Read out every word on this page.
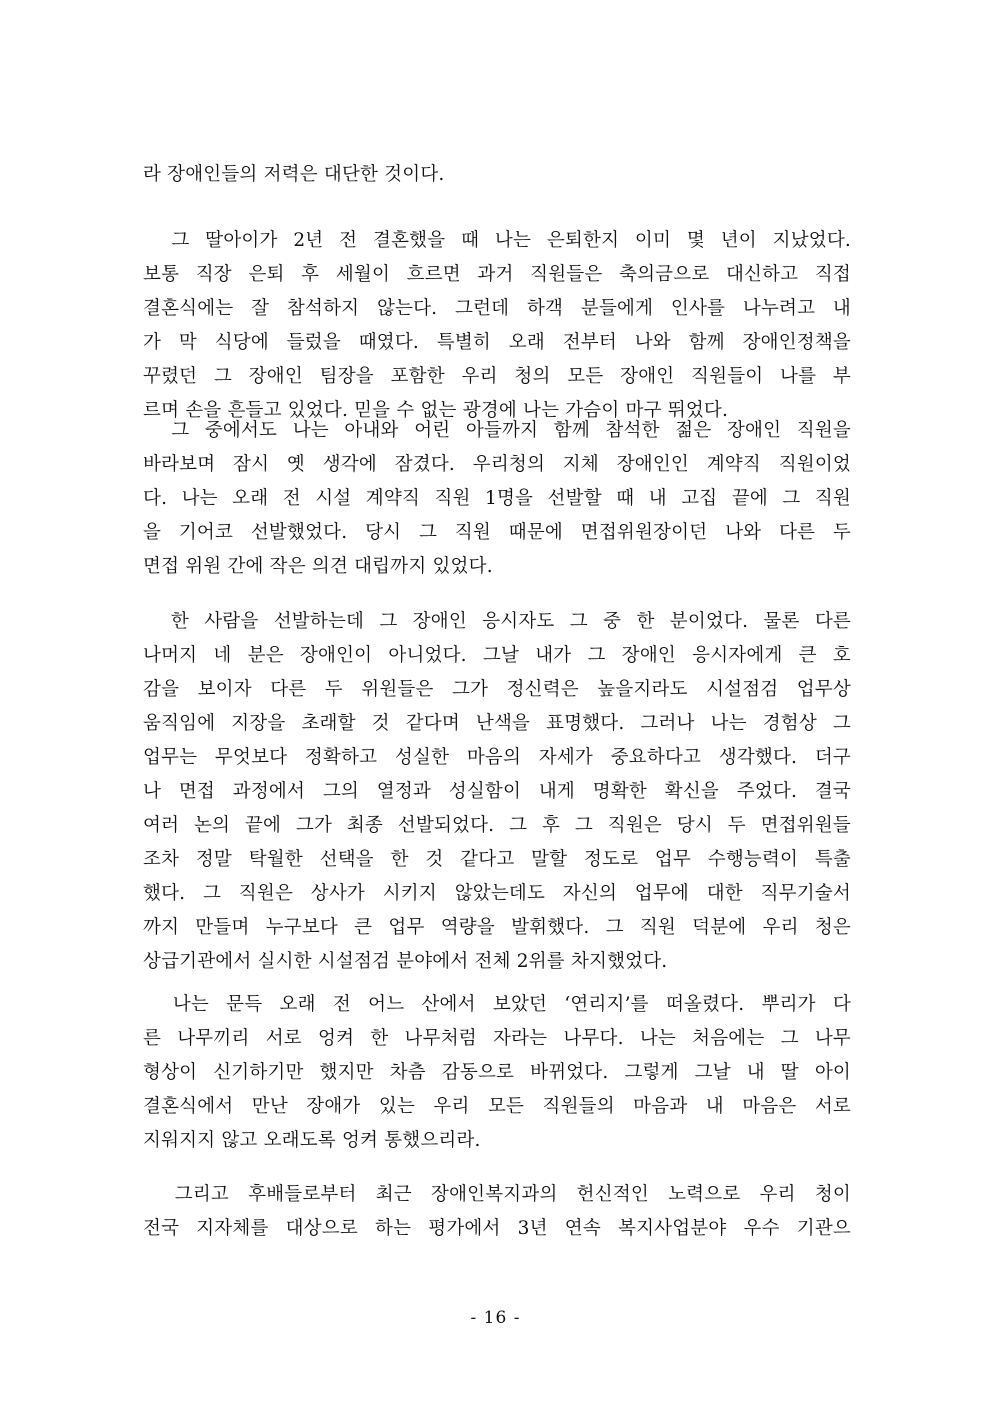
라 장애인들의 저력은 대단한 것이다.
　그 딸아이가 2년 전 결혼했을 때 나는 은퇴한지 이미 몇 년이 지났었다.
보통 직장 은퇴 후 세월이 흐르면 과거 직원들은 축의금으로 대신하고 직접
결혼식에는 잘 참석하지 않는다. 그런데 하객 분들에게 인사를 나누려고 내
가 막 식당에 들렀을 때였다. 특별히 오래 전부터 나와 함께 장애인정책을
꾸렸던 그 장애인 팀장을 포함한 우리 청의 모든 장애인 직원들이 나를 부
르며 손을 흔들고 있었다. 믿을 수 없는 광경에 나는 가슴이 마구 뛰었다.
　그 중에서도 나는 아내와 어린 아들까지 함께 참석한 젊은 장애인 직원을
바라보며 잠시 옛 생각에 잠겼다. 우리청의 지체 장애인인 계약직 직원이었
다. 나는 오래 전 시설 계약직 직원 1명을 선발할 때 내 고집 끝에 그 직원
을 기어코 선발했었다. 당시 그 직원 때문에 면접위원장이던 나와 다른 두
면접 위원 간에 작은 의견 대립까지 있었다.
　한 사람을 선발하는데 그 장애인 응시자도 그 중 한 분이었다. 물론 다른
나머지 네 분은 장애인이 아니었다. 그날 내가 그 장애인 응시자에게 큰 호
감을 보이자 다른 두 위원들은 그가 정신력은 높을지라도 시설점검 업무상
움직임에 지장을 초래할 것 같다며 난색을 표명했다. 그러나 나는 경험상 그
업무는 무엇보다 정확하고 성실한 마음의 자세가 중요하다고 생각했다. 더구
나 면접 과정에서 그의 열정과 성실함이 내게 명확한 확신을 주었다. 결국
여러 논의 끝에 그가 최종 선발되었다. 그 후 그 직원은 당시 두 면접위원들
조차 정말 탁월한 선택을 한 것 같다고 말할 정도로 업무 수행능력이 특출
했다. 그 직원은 상사가 시키지 않았는데도 자신의 업무에 대한 직무기술서
까지 만들며 누구보다 큰 업무 역량을 발휘했다. 그 직원 덕분에 우리 청은
상급기관에서 실시한 시설점검 분야에서 전체 2위를 차지했었다.
　나는 문득 오래 전 어느 산에서 보았던 ‘연리지’를 떠올렸다. 뿌리가 다
른 나무끼리 서로 엉켜 한 나무처럼 자라는 나무다. 나는 처음에는 그 나무
형상이 신기하기만 했지만 차츰 감동으로 바뀌었다. 그렇게 그날 내 딸 아이
결혼식에서 만난 장애가 있는 우리 모든 직원들의 마음과 내 마음은 서로
지워지지 않고 오래도록 엉켜 통했으리라.
　그리고 후배들로부터 최근 장애인복지과의 헌신적인 노력으로 우리 청이
전국 지자체를 대상으로 하는 평가에서 3년 연속 복지사업분야 우수 기관으
- 16 -
